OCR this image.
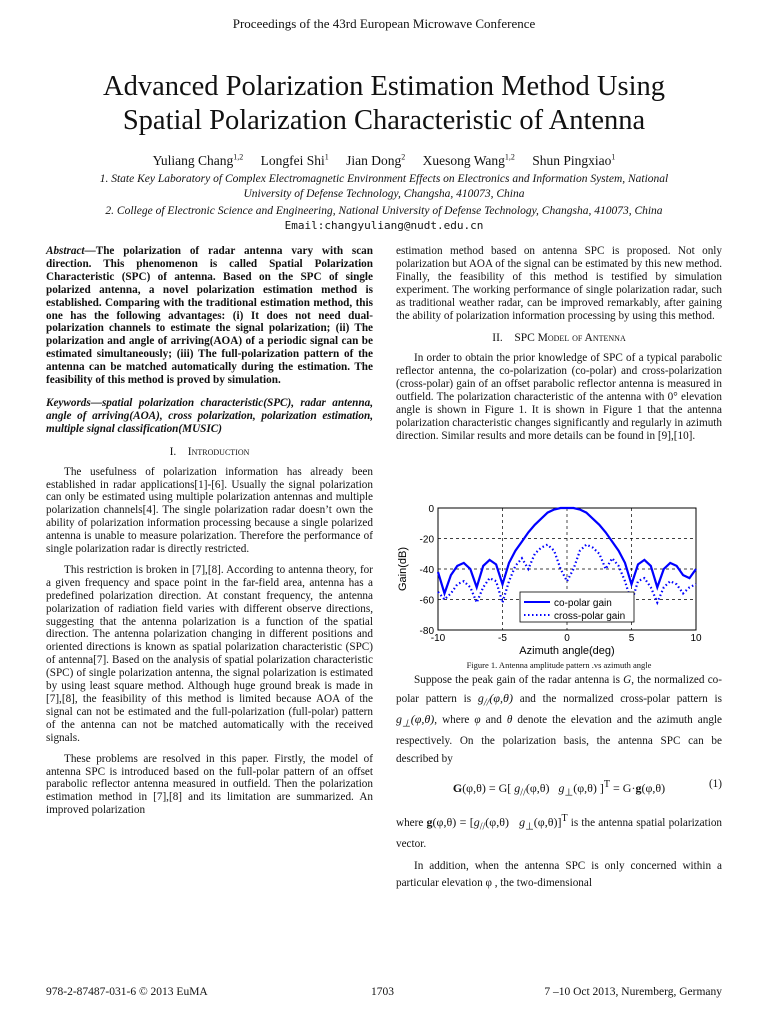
Proceedings of the 43rd European Microwave Conference
Advanced Polarization Estimation Method Using
Spatial Polarization Characteristic of Antenna
Yuliang Chang$^{1,2}$ Longfei Shi$^1$ Jian Dong$^2$ Xuesong Wang$^{1,2}$ Shun Pingxiao$^1$
1. State Key Laboratory of Complex Electromagnetic Environment Effects on Electronics and Information System, National
University of Defense Technology, Changsha, 410073, China
2. College of Electronic Science and Engineering, National University of Defense Technology, Changsha, 410073, China
Email:changyuliang@nudt.edu.cn

Abstract—The polarization of radar antenna vary with scan direction. This phenomenon is called Spatial Polarization Characteristic (SPC) of antenna. Based on the SPC of single polarized antenna, a novel polarization estimation method is established. Comparing with the traditional estimation method, this one has the following advantages: (i) It does not need dual-polarization channels to estimate the signal polarization; (ii) The polarization and angle of arriving(AOA) of a periodic signal can be estimated simultaneously; (iii) The full-polarization pattern of the antenna can be matched automatically during the estimation. The feasibility of this method is proved by simulation.

Keywords—spatial polarization characteristic(SPC), radar antenna, angle of arriving(AOA), cross polarization, polarization estimation, multiple signal classification(MUSIC)

I. Introduction

The usefulness of polarization information has already been established in radar applications[1]-[6]. Usually the signal polarization can only be estimated using multiple polarization antennas and multiple polarization channels[4]. The single polarization radar doesn’t own the ability of polarization information processing because a single polarized antenna is unable to measure polarization. Therefore the performance of single polarization radar is directly restricted.

This restriction is broken in [7],[8]. According to antenna theory, for a given frequency and space point in the far-field area, antenna has a predefined polarization direction. At constant frequency, the antenna polarization of radiation field varies with different observe directions, suggesting that the antenna polarization is a function of the spatial direction. The antenna polarization changing in different positions and oriented directions is known as spatial polarization characteristic (SPC) of antenna[7]. Based on the analysis of spatial polarization characteristic (SPC) of single polarization antenna, the signal polarization is estimated by using least square method. Although huge ground break is made in [7],[8], the feasibility of this method is limited because AOA of the signal can not be estimated and the full-polarization (full-polar) pattern of the antenna can not be matched automatically with the received signals.

These problems are resolved in this paper. Firstly, the model of antenna SPC is introduced based on the full-polar pattern of an offset parabolic reflector antenna measured in outfield. Then the polarization estimation method in [7],[8] and its limitation are summarized. An improved polarization

estimation method based on antenna SPC is proposed. Not only polarization but AOA of the signal can be estimated by this new method. Finally, the feasibility of this method is testified by simulation experiment. The working performance of single polarization radar, such as traditional weather radar, can be improved remarkably, after gaining the ability of polarization information processing by using this method.

II. SPC Model of Antenna

In order to obtain the prior knowledge of SPC of a typical parabolic reflector antenna, the co-polarization (co-polar) and cross-polarization (cross-polar) gain of an offset parabolic reflector antenna is measured in outfield. The polarization characteristic of the antenna with 0° elevation angle is shown in Figure 1. It is shown in Figure 1 that the antenna polarization characteristic changes significantly and regularly in azimuth direction. Similar results and more details can be found in [9],[10].

-10	-5	0	5	10
0
-20
-40
-60
-80
Azimuth angle(deg)
Gain(dB)
co-polar gain
cross-polar gain
Figure 1. Antenna amplitude pattern .vs azimuth angle

Suppose the peak gain of the radar antenna is G, the normalized co-polar pattern is $g_{//}(\varphi,\theta)$ and the normalized cross-polar pattern is $g_\perp(\varphi,\theta)$, where φ and θ denote the elevation and the azimuth angle respectively. On the polarization basis, the antenna SPC can be described by

G(φ,θ) = G[ $g_{//}(\varphi,\theta)$   $g_\perp(\varphi,\theta) ]^T = G\cdot g(\varphi,\theta)$	(1)

where $g(\varphi,\theta) = [g_{//}(\varphi,\theta)$   $g_\perp(\varphi,\theta)]^T$ is the antenna spatial polarization vector.

In addition, when the antenna SPC is only concerned within a particular elevation φ , the two-dimensional

978-2-87487-031-6 © 2013 EuMA	1703	7 –10 Oct 2013, Nuremberg, Germany
